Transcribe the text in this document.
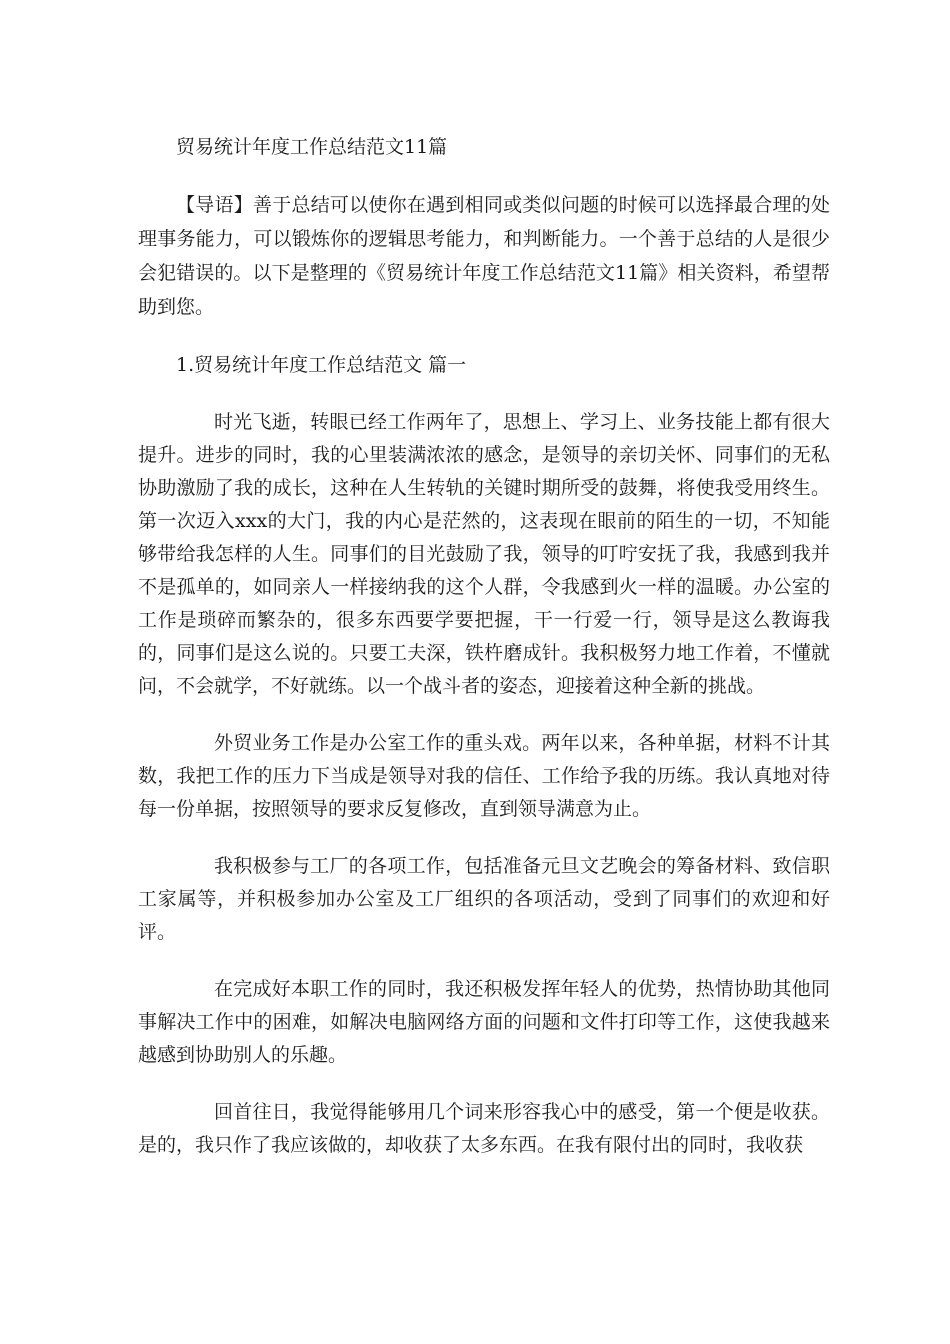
贸易统计年度工作总结范文11篇
【导语】善于总结可以使你在遇到相同或类似问题的时候可以选择最合理的处理事务能力，可以锻炼你的逻辑思考能力，和判断能力。一个善于总结的人是很少会犯错误的。以下是整理的《贸易统计年度工作总结范文11篇》相关资料，希望帮助到您。
1.贸易统计年度工作总结范文 篇一
时光飞逝，转眼已经工作两年了，思想上、学习上、业务技能上都有很大提升。进步的同时，我的心里装满浓浓的感念，是领导的亲切关怀、同事们的无私协助激励了我的成长，这种在人生转轨的关键时期所受的鼓舞，将使我受用终生。第一次迈入xxx的大门，我的内心是茫然的，这表现在眼前的陌生的一切，不知能够带给我怎样的人生。同事们的目光鼓励了我，领导的叮咛安抚了我，我感到我并不是孤单的，如同亲人一样接纳我的这个人群，令我感到火一样的温暖。办公室的工作是琐碎而繁杂的，很多东西要学要把握，干一行爱一行，领导是这么教诲我的，同事们是这么说的。只要工夫深，铁杵磨成针。我积极努力地工作着，不懂就问，不会就学，不好就练。以一个战斗者的姿态，迎接着这种全新的挑战。
外贸业务工作是办公室工作的重头戏。两年以来，各种单据，材料不计其数，我把工作的压力下当成是领导对我的信任、工作给予我的历练。我认真地对待每一份单据，按照领导的要求反复修改，直到领导满意为止。
我积极参与工厂的各项工作，包括准备元旦文艺晚会的筹备材料、致信职工家属等，并积极参加办公室及工厂组织的各项活动，受到了同事们的欢迎和好评。
在完成好本职工作的同时，我还积极发挥年轻人的优势，热情协助其他同事解决工作中的困难，如解决电脑网络方面的问题和文件打印等工作，这使我越来越感到协助别人的乐趣。
回首往日，我觉得能够用几个词来形容我心中的感受，第一个便是收获。是的，我只作了我应该做的，却收获了太多东西。在我有限付出的同时，我收获
